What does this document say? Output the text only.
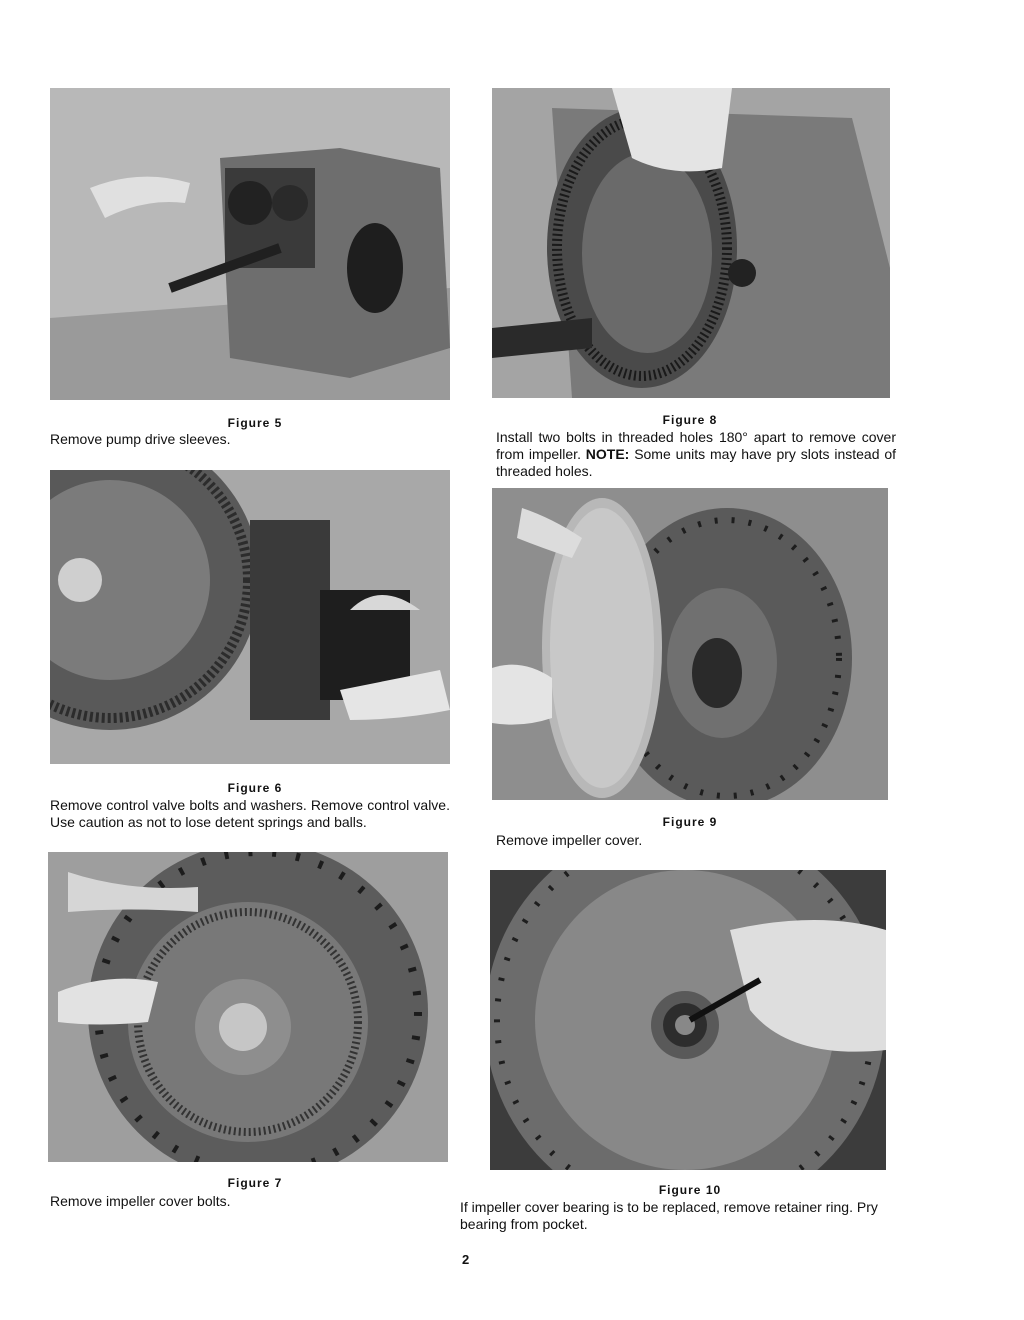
Figure 5
Remove pump drive sleeves.
Figure 6
Remove control valve bolts and washers. Remove control valve. Use caution as not to lose detent springs and balls.
Figure 7
Remove impeller cover bolts.
Figure 8
Install two bolts in threaded holes 180° apart to remove cover from impeller. NOTE: Some units may have pry slots instead of threaded holes.
Figure 9
Remove impeller cover.
Figure 10
If impeller cover bearing is to be replaced, remove retainer ring. Pry bearing from pocket.
2
